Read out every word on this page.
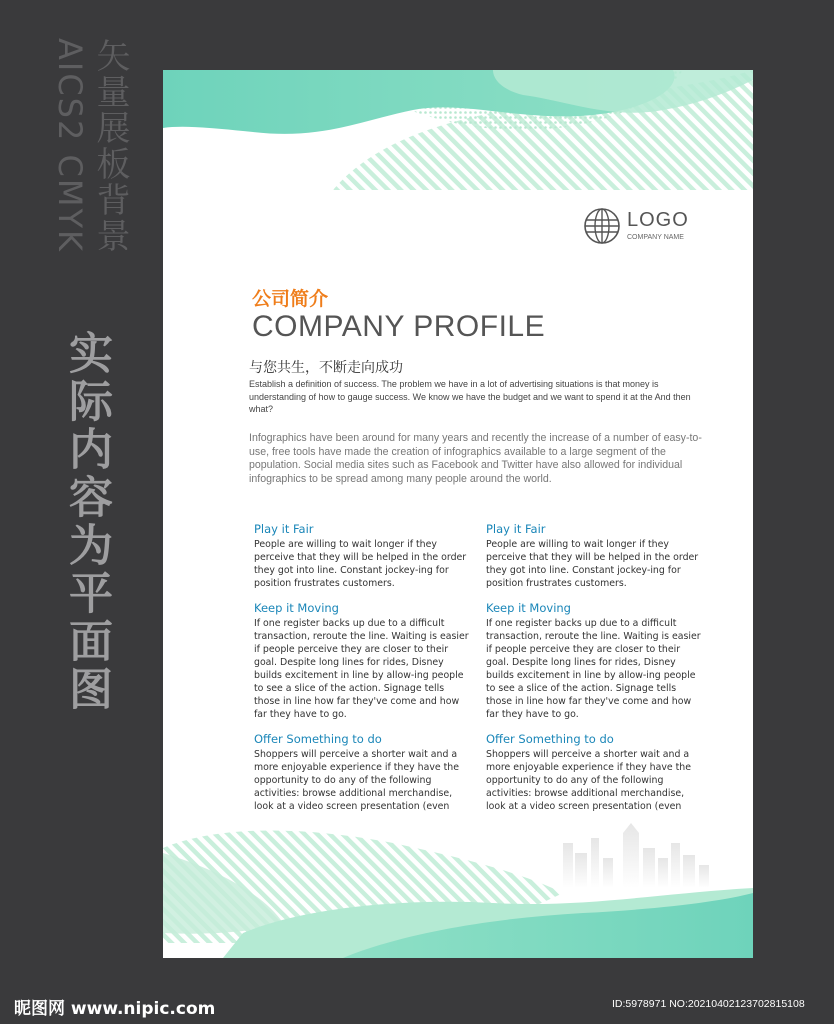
矢量展板背景
AICS2 CMYK
实际内容为平面图
LOGO
COMPANY NAME
公司简介
COMPANY PROFILE
与您共生，不断走向成功
Establish a definition of success. The problem we have in a lot of advertising situations is that money is understanding of how to gauge success. We know we have the budget and we want to spend it at the And then what?
Infographics have been around for many years and recently the increase of a number of easy-to-use, free tools have made the creation of infographics available to a large segment of the population. Social media sites such as Facebook and Twitter have also allowed for individual infographics to be spread among many people around the world.
Play it Fair
People are willing to wait longer if they perceive that they will be helped in the order they got into line. Constant jockey-ing for position frustrates customers.
Keep it Moving
If one register backs up due to a difficult transaction, reroute the line. Waiting is easier if people perceive they are closer to their goal. Despite long lines for rides, Disney builds excitement in line by allow-ing people to see a slice of the action. Signage tells those in line how far they've come and how far they have to go.
Offer Something to do
Shoppers will perceive a shorter wait and a more enjoyable experience if they have the opportunity to do any of the following activities: browse additional merchandise, look at a video screen presentation (even
Play it Fair
People are willing to wait longer if they perceive that they will be helped in the order they got into line. Constant jockey-ing for position frustrates customers.
Keep it Moving
If one register backs up due to a difficult transaction, reroute the line. Waiting is easier if people perceive they are closer to their goal. Despite long lines for rides, Disney builds excitement in line by allow-ing people to see a slice of the action. Signage tells those in line how far they've come and how far they have to go.
Offer Something to do
Shoppers will perceive a shorter wait and a more enjoyable experience if they have the opportunity to do any of the following activities: browse additional merchandise, look at a video screen presentation (even
昵图网 www.nipic.com	ID:5978971 NO:20210402123702815108
